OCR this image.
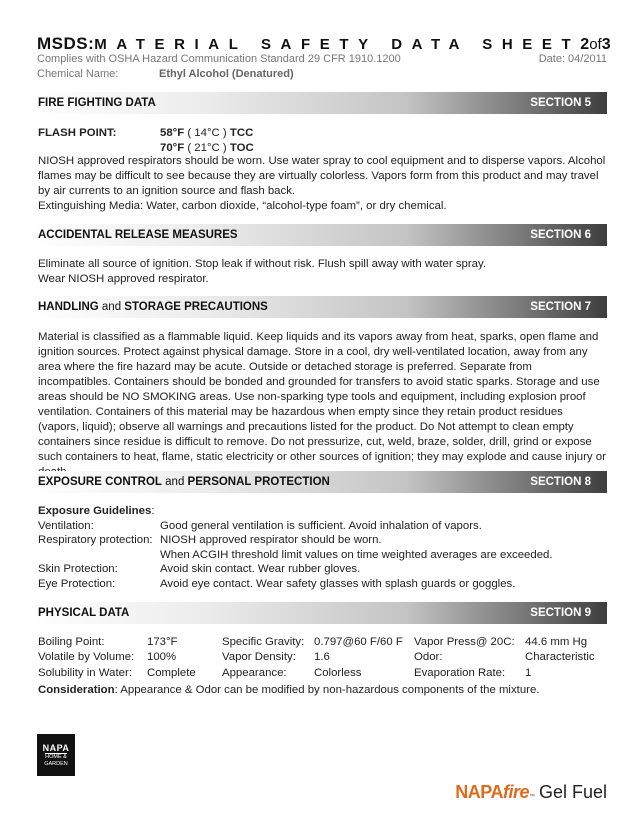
MSDS: MATERIAL SAFETY DATA SHEET 2of3
Complies with OSHA Hazard Communication Standard 29 CFR 1910.1200	Date: 04/2011
Chemical Name:	Ethyl Alcohol (Denatured)
FIRE FIGHTING DATA	SECTION 5
FLASH POINT:	58°F ( 14°C ) TCC
70°F ( 21°C ) TOC
NIOSH approved respirators should be worn. Use water spray to cool equipment and to disperse vapors. Alcohol flames may be difficult to see because they are virtually colorless. Vapors form from this product and may travel by air currents to an ignition source and flash back.
Extinguishing Media: Water, carbon dioxide, “alcohol-type foam”, or dry chemical.
ACCIDENTAL RELEASE MEASURES	SECTION 6
Eliminate all source of ignition. Stop leak if without risk. Flush spill away with water spray.
Wear NIOSH approved respirator.
HANDLING and STORAGE PRECAUTIONS	SECTION 7
Material is classified as a flammable liquid. Keep liquids and its vapors away from heat, sparks, open flame and ignition sources. Protect against physical damage. Store in a cool, dry well-ventilated location, away from any area where the fire hazard may be acute. Outside or detached storage is preferred. Separate from incompatibles. Containers should be bonded and grounded for transfers to avoid static sparks. Storage and use areas should be NO SMOKING areas. Use non-sparking type tools and equipment, including explosion proof ventilation. Containers of this material may be hazardous when empty since they retain product residues (vapors, liquid); observe all warnings and precautions listed for the product. Do Not attempt to clean empty containers since residue is difficult to remove. Do not pressurize, cut, weld, braze, solder, drill, grind or expose such containers to heat, flame, static electricity or other sources of ignition; they may explode and cause injury or
EXPOSURE CONTROL and PERSONAL PROTECTION	SECTION 8
Exposure Guidelines:
Ventilation:	Good general ventilation is sufficient. Avoid inhalation of vapors.
Respiratory protection: NIOSH approved respirator should be worn.
When ACGIH threshold limit values on time weighted averages are exceeded.
Skin Protection:	Avoid skin contact. Wear rubber gloves.
Eye Protection:	Avoid eye contact. Wear safety glasses with splash guards or goggles.
PHYSICAL DATA	SECTION 9
Boiling Point:	173°F	Specific Gravity: 0.797@60 F/60 F Vapor Press@ 20C: 44.6 mm Hg
Volatile by Volume: 100%	Vapor Density: 1.6	Odor:	Characteristic
Solubility in Water: Complete Appearance: Colorless	Evaporation Rate: 1
Consideration: Appearance & Odor can be modified by non-hazardous components of the mixture.
NAPA
HOME &
GARDEN
NAPA fire ™ Gel Fuel
